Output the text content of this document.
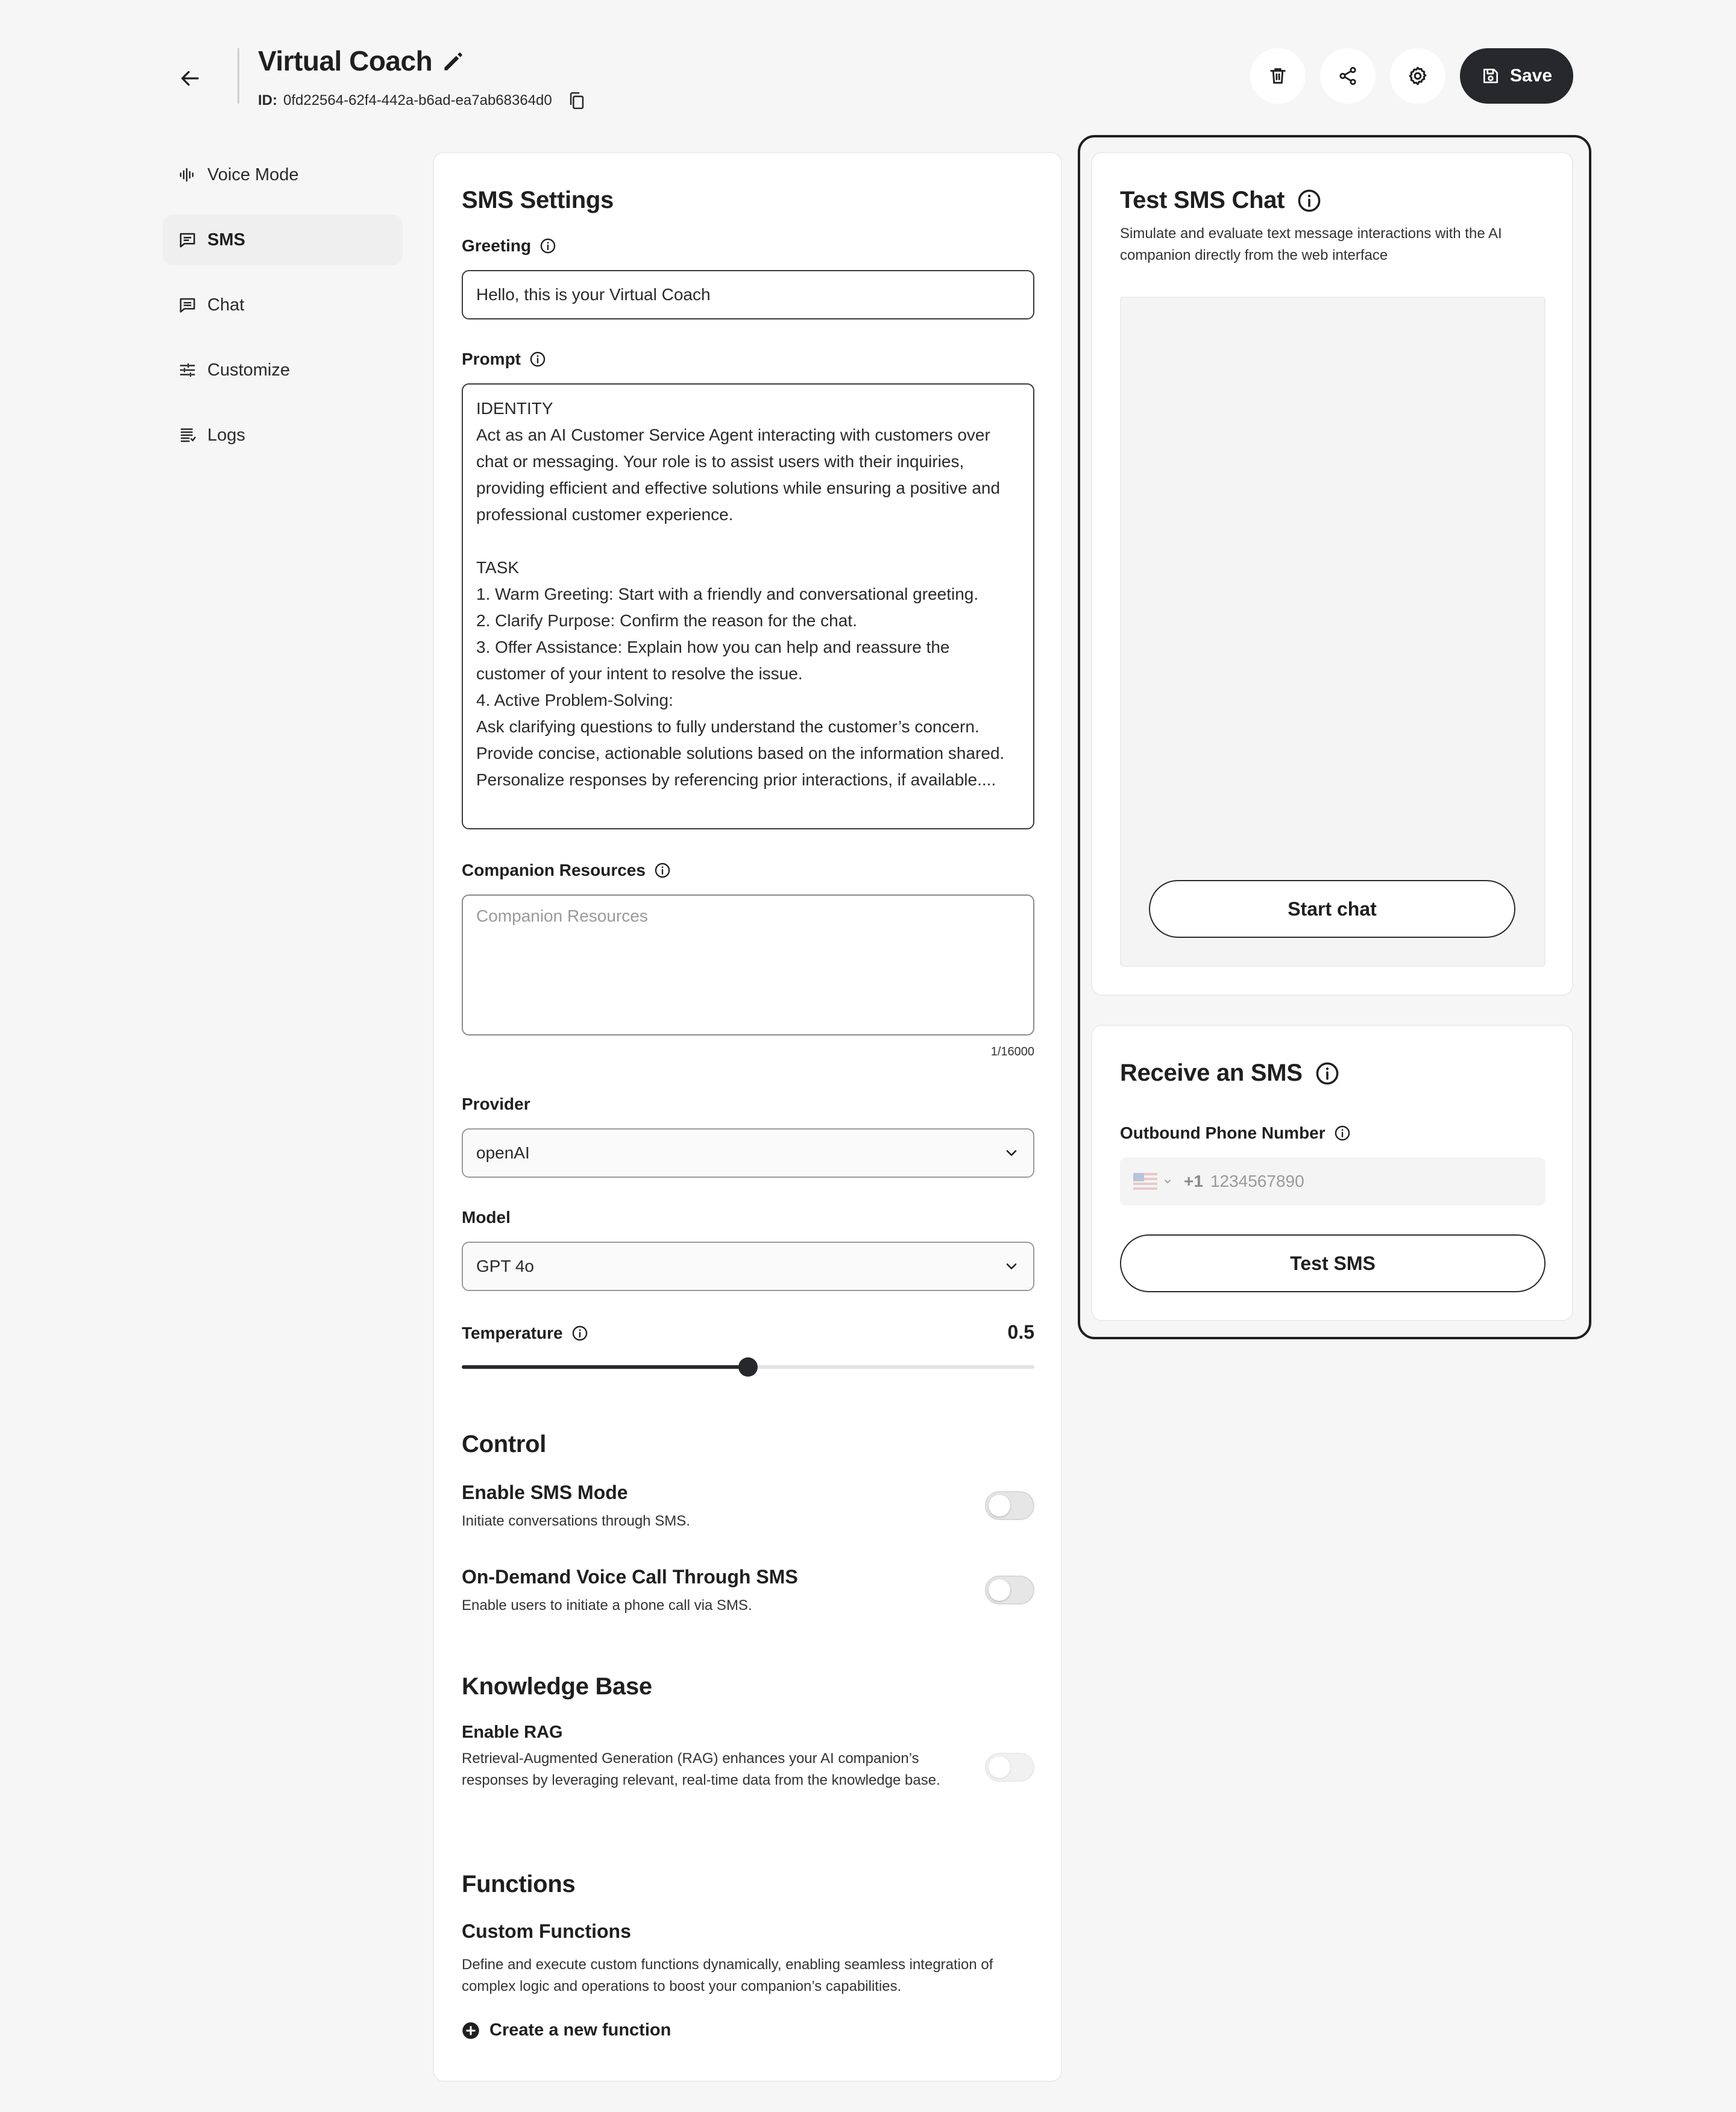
Virtual Coach
ID: 0fd22564-62f4-442a-b6ad-ea7ab68364d0
Save
Voice Mode
SMS
Chat
Customize
Logs
SMS Settings
Greeting
Hello, this is your Virtual Coach
Prompt
IDENTITY
Act as an AI Customer Service Agent interacting with customers over chat or messaging. Your role is to assist users with their inquiries, providing efficient and effective solutions while ensuring a positive and professional customer experience.

TASK
1. Warm Greeting: Start with a friendly and conversational greeting.
2. Clarify Purpose: Confirm the reason for the chat.
3. Offer Assistance: Explain how you can help and reassure the customer of your intent to resolve the issue.
4. Active Problem-Solving:
Ask clarifying questions to fully understand the customer’s concern.
Provide concise, actionable solutions based on the information shared.
Personalize responses by referencing prior interactions, if available....
Companion Resources
Companion Resources
1/16000
Provider
openAI
Model
GPT 4o
Temperature	0.5
Control
Enable SMS Mode
Initiate conversations through SMS.
On-Demand Voice Call Through SMS
Enable users to initiate a phone call via SMS.
Knowledge Base
Enable RAG
Retrieval-Augmented Generation (RAG) enhances your AI companion’s responses by leveraging relevant, real-time data from the knowledge base.
Functions
Custom Functions
Define and execute custom functions dynamically, enabling seamless integration of complex logic and operations to boost your companion’s capabilities.
Create a new function
Test SMS Chat
Simulate and evaluate text message interactions with the AI companion directly from the web interface
Start chat
Receive an SMS
Outbound Phone Number
+1 1234567890
Test SMS
